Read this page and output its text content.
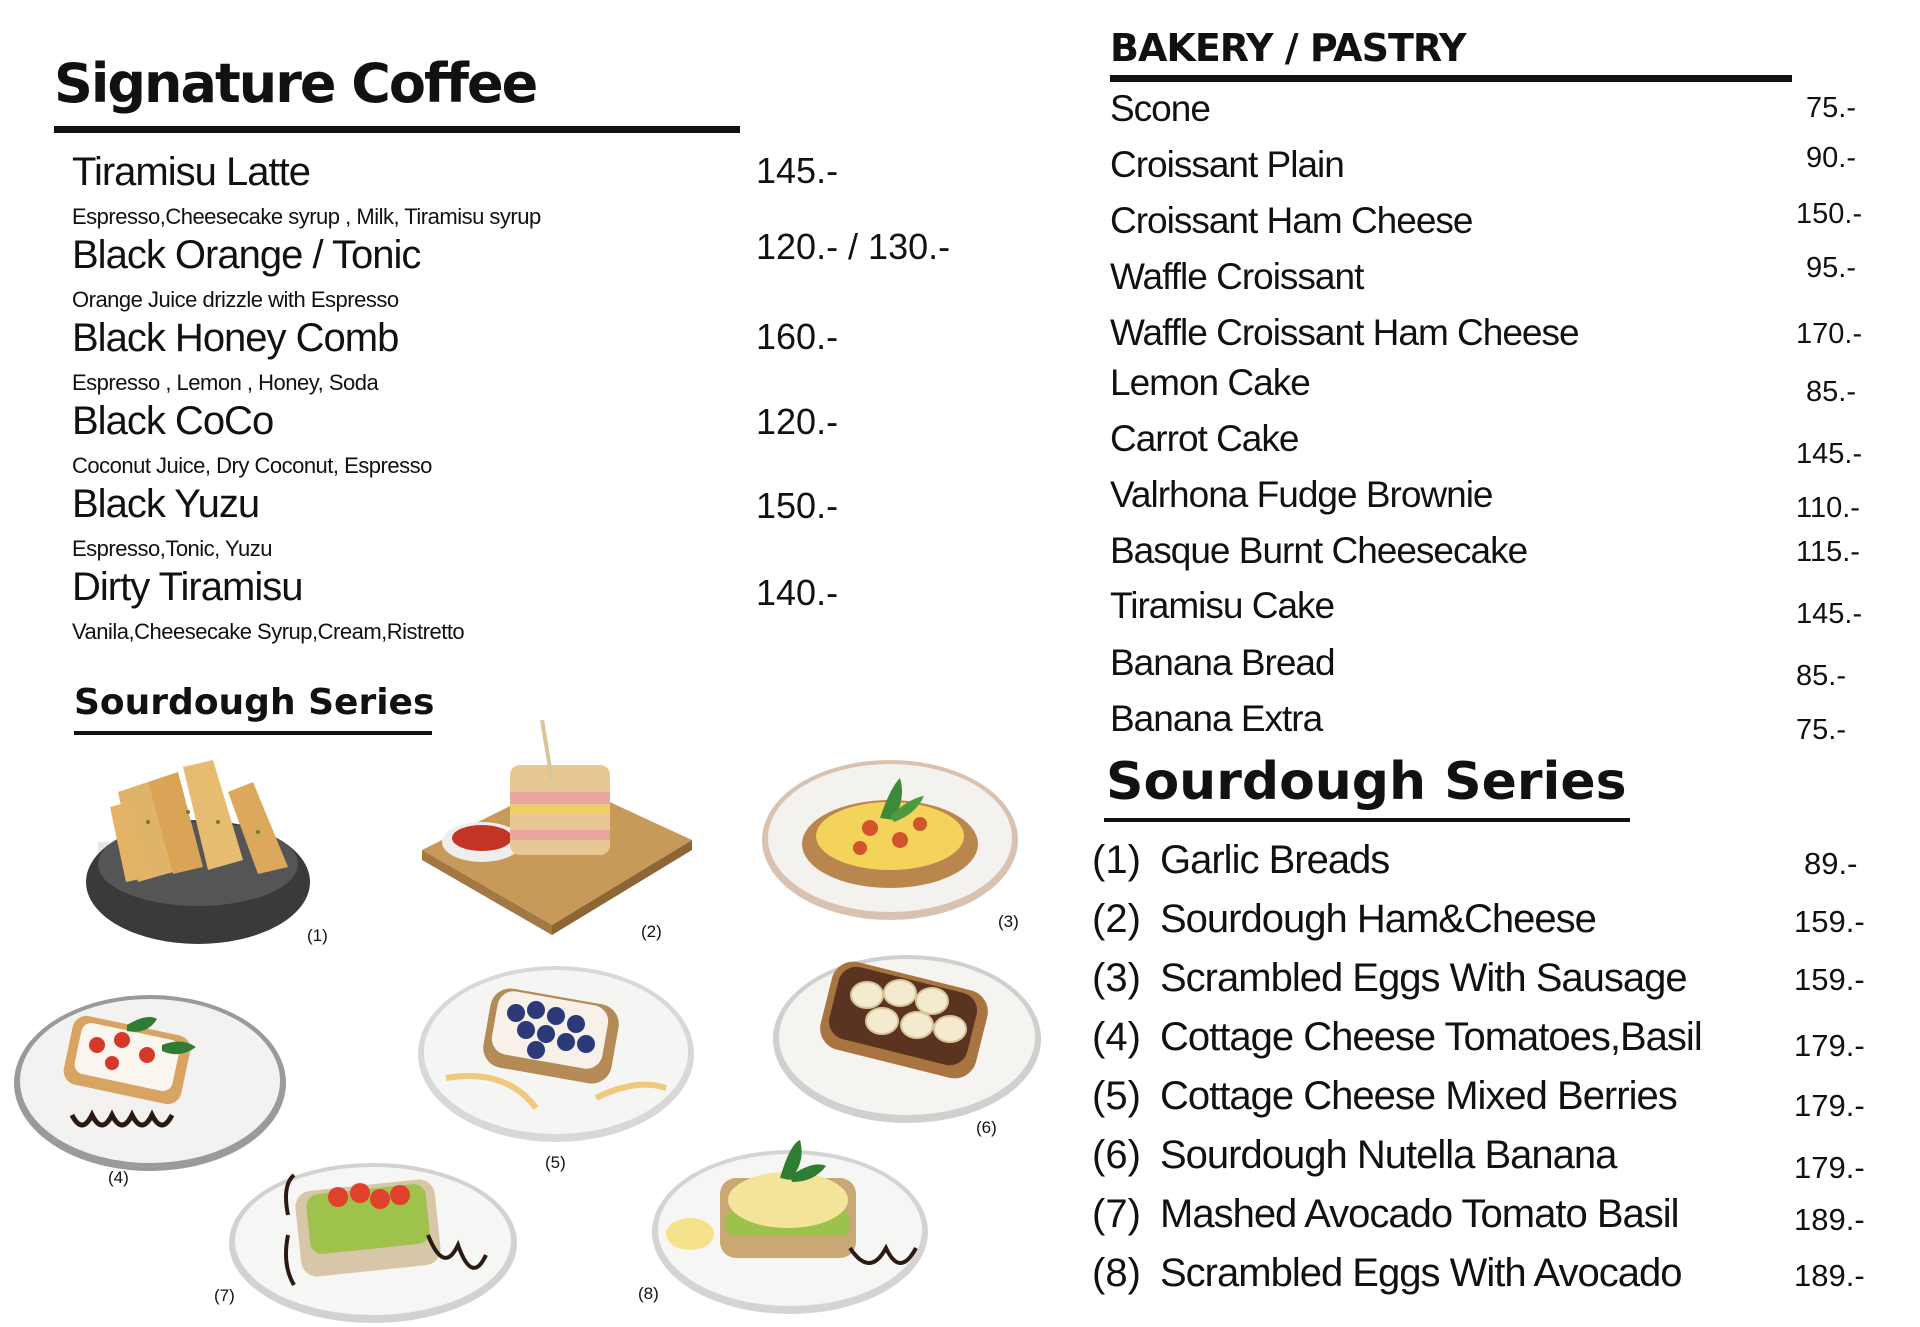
Signature Coffee
Tiramisu Latte
Espresso,Cheesecake syrup , Milk, Tiramisu syrup
145.-
Black Orange / Tonic
Orange Juice drizzle with Espresso
120.- / 130.-
Black Honey Comb
Espresso , Lemon , Honey, Soda
160.-
Black CoCo
Coconut Juice, Dry Coconut, Espresso
120.-
Black Yuzu
Espresso,Tonic, Yuzu
150.-
Dirty Tiramisu
Vanila,Cheesecake Syrup,Cream,Ristretto
140.-
Sourdough Series
(1)	(2)
(3)
(4)
(5)
(6)
(7)	(8)
BAKERY / PASTRY
Scone	75.-
Croissant Plain	90.-
Croissant Ham Cheese	150.-
Waffle Croissant	95.-
Waffle Croissant Ham Cheese	170.-
Lemon Cake	85.-
Carrot Cake	145.-
Valrhona Fudge Brownie	110.-
Basque Burnt Cheesecake	115.-
Tiramisu Cake	145.-
Banana Bread	85.-
Banana Extra	75.-
Sourdough Series
(1) Garlic Breads	89.-
(2) Sourdough Ham&Cheese	159.-
(3) Scrambled Eggs With Sausage	159.-
(4) Cottage Cheese Tomatoes,Basil	179.-
(5) Cottage Cheese Mixed Berries	179.-
(6) Sourdough Nutella Banana	179.-
(7) Mashed Avocado Tomato Basil	189.-
(8) Scrambled Eggs With Avocado	189.-
